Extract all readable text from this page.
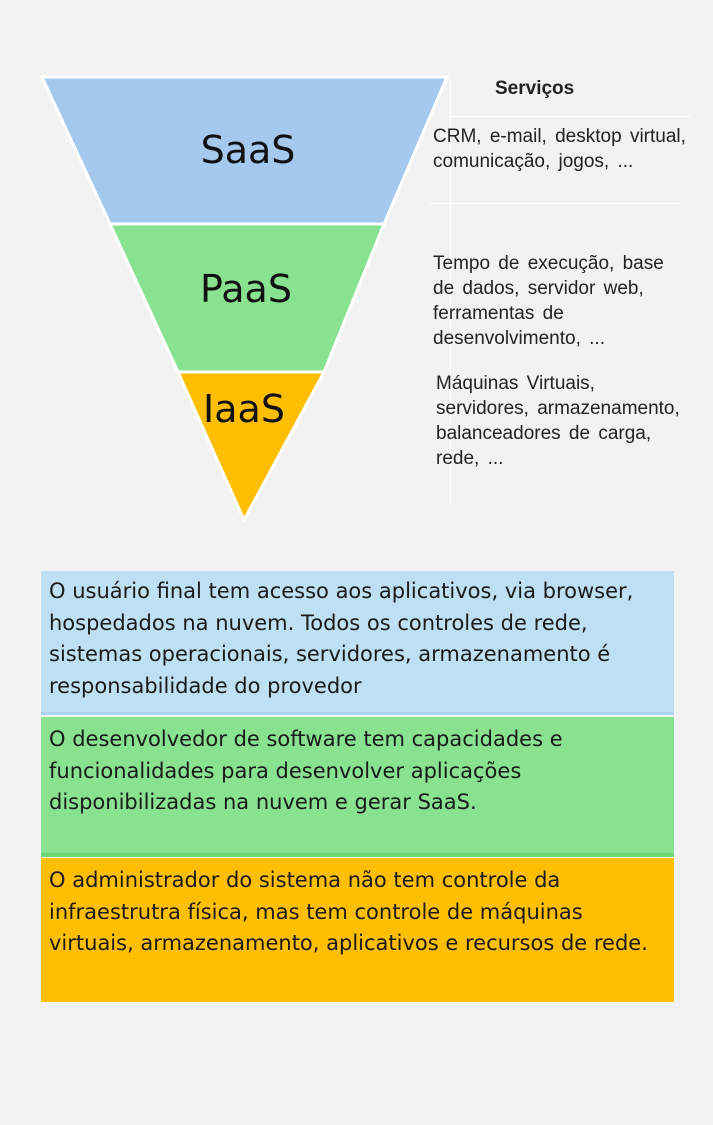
SaaS
PaaS
IaaS
Serviços
CRM, e-mail, desktop virtual, comunicação, jogos, ...
Tempo de execução, base de dados, servidor web, ferramentas de desenvolvimento, ...
Máquinas Virtuais, servidores, armazenamento, balanceadores de carga, rede, ...
O usuário final tem acesso aos aplicativos, via browser, hospedados na nuvem. Todos os controles de rede, sistemas operacionais, servidores, armazenamento é responsabilidade do provedor
O desenvolvedor de software tem capacidades e funcionalidades para desenvolver aplicações disponibilizadas na nuvem e gerar SaaS.
O administrador do sistema não tem controle da infraestrutra física, mas tem controle de máquinas virtuais, armazenamento, aplicativos e recursos de rede.
